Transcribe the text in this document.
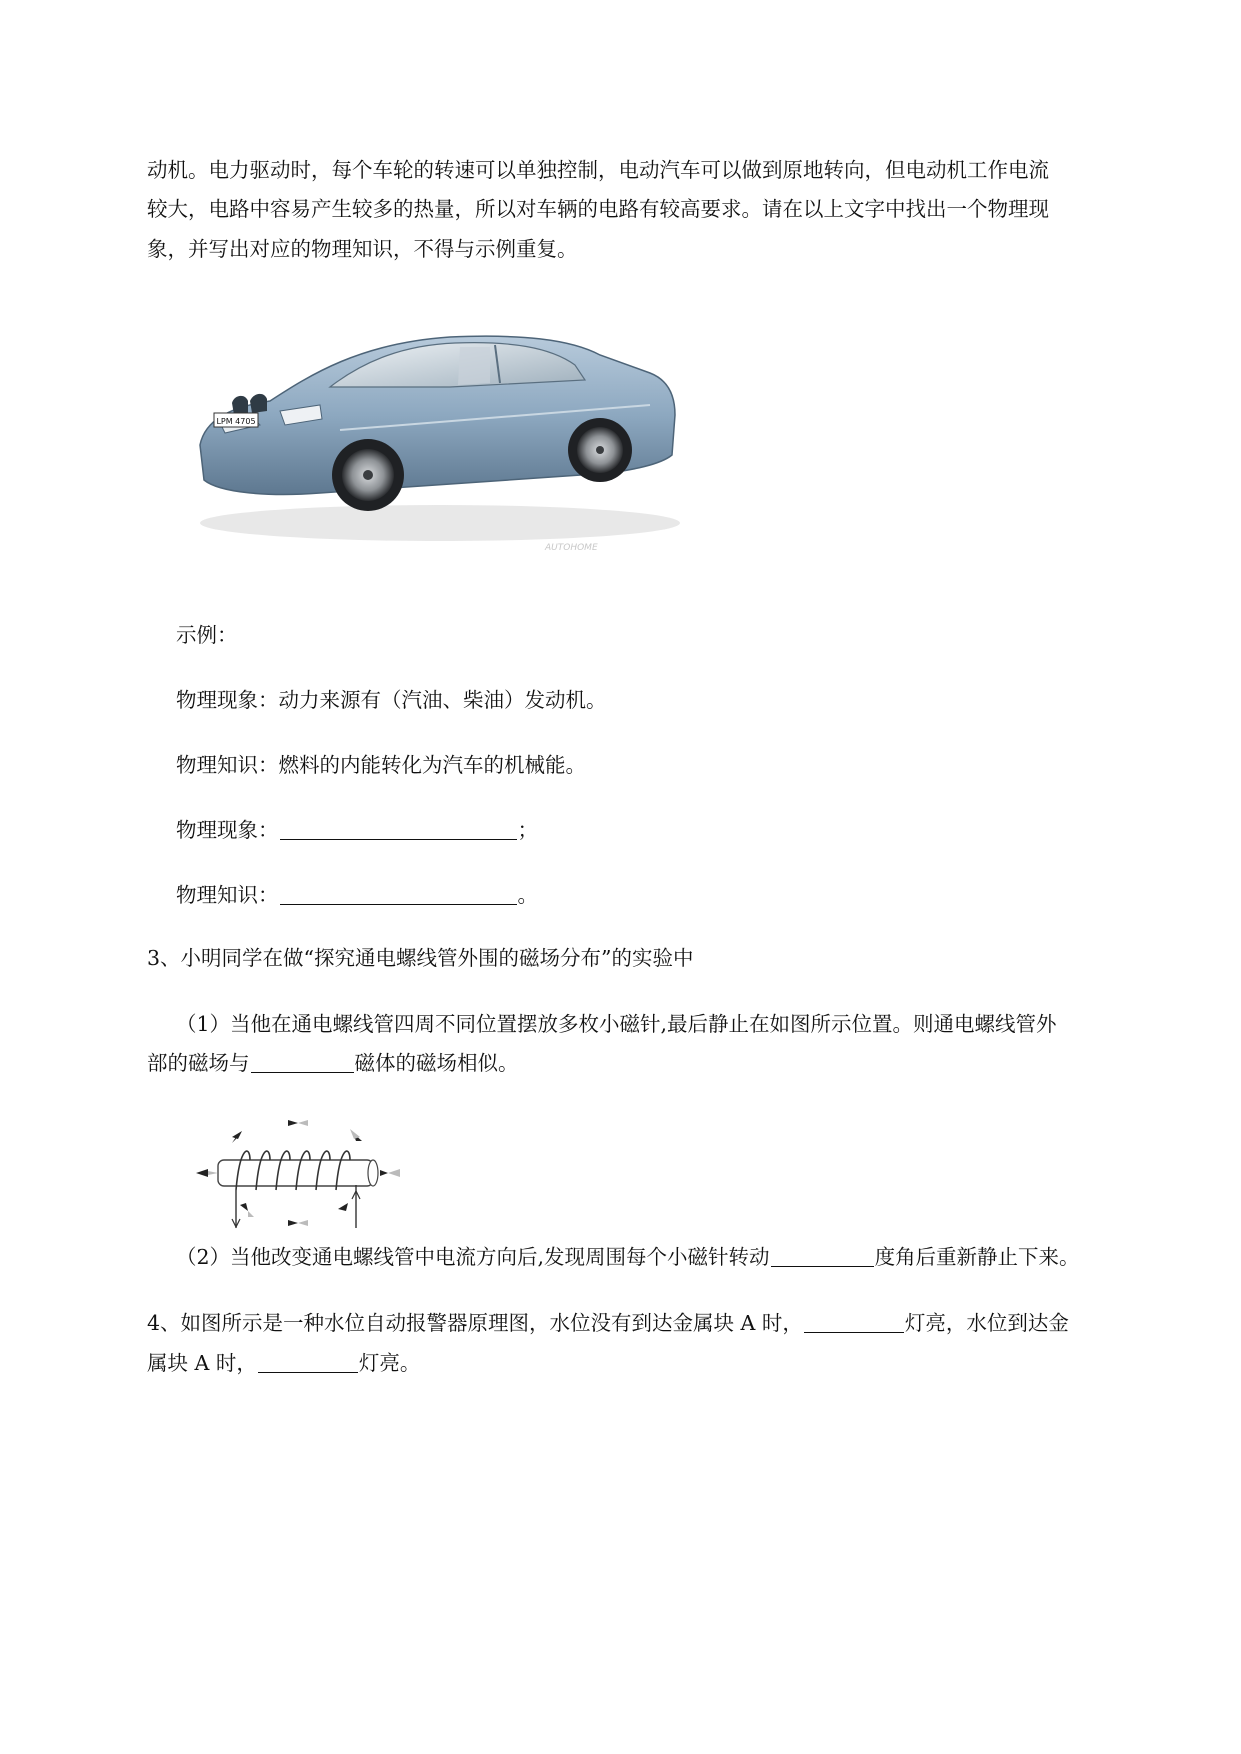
动机。电力驱动时，每个车轮的转速可以单独控制，电动汽车可以做到原地转向，但电动机工作电流
较大，电路中容易产生较多的热量，所以对车辆的电路有较高要求。请在以上文字中找出一个物理现
象，并写出对应的物理知识，不得与示例重复。
LPM 4705
AUTOHOME
示例：
物理现象：动力来源有（汽油、柴油）发动机。
物理知识：燃料的内能转化为汽车的机械能。
物理现象：	；
物理知识：	。
3、小明同学在做“探究通电螺线管外围的磁场分布”的实验中
（1）当他在通电螺线管四周不同位置摆放多枚小磁针,最后静止在如图所示位置。则通电螺线管外
部的磁场与	磁体的磁场相似。
（2）当他改变通电螺线管中电流方向后,发现周围每个小磁针转动	度角后重新静止下来。
4、如图所示是一种水位自动报警器原理图，水位没有到达金属块 A 时，	灯亮，水位到达金
属块 A 时，	灯亮。
